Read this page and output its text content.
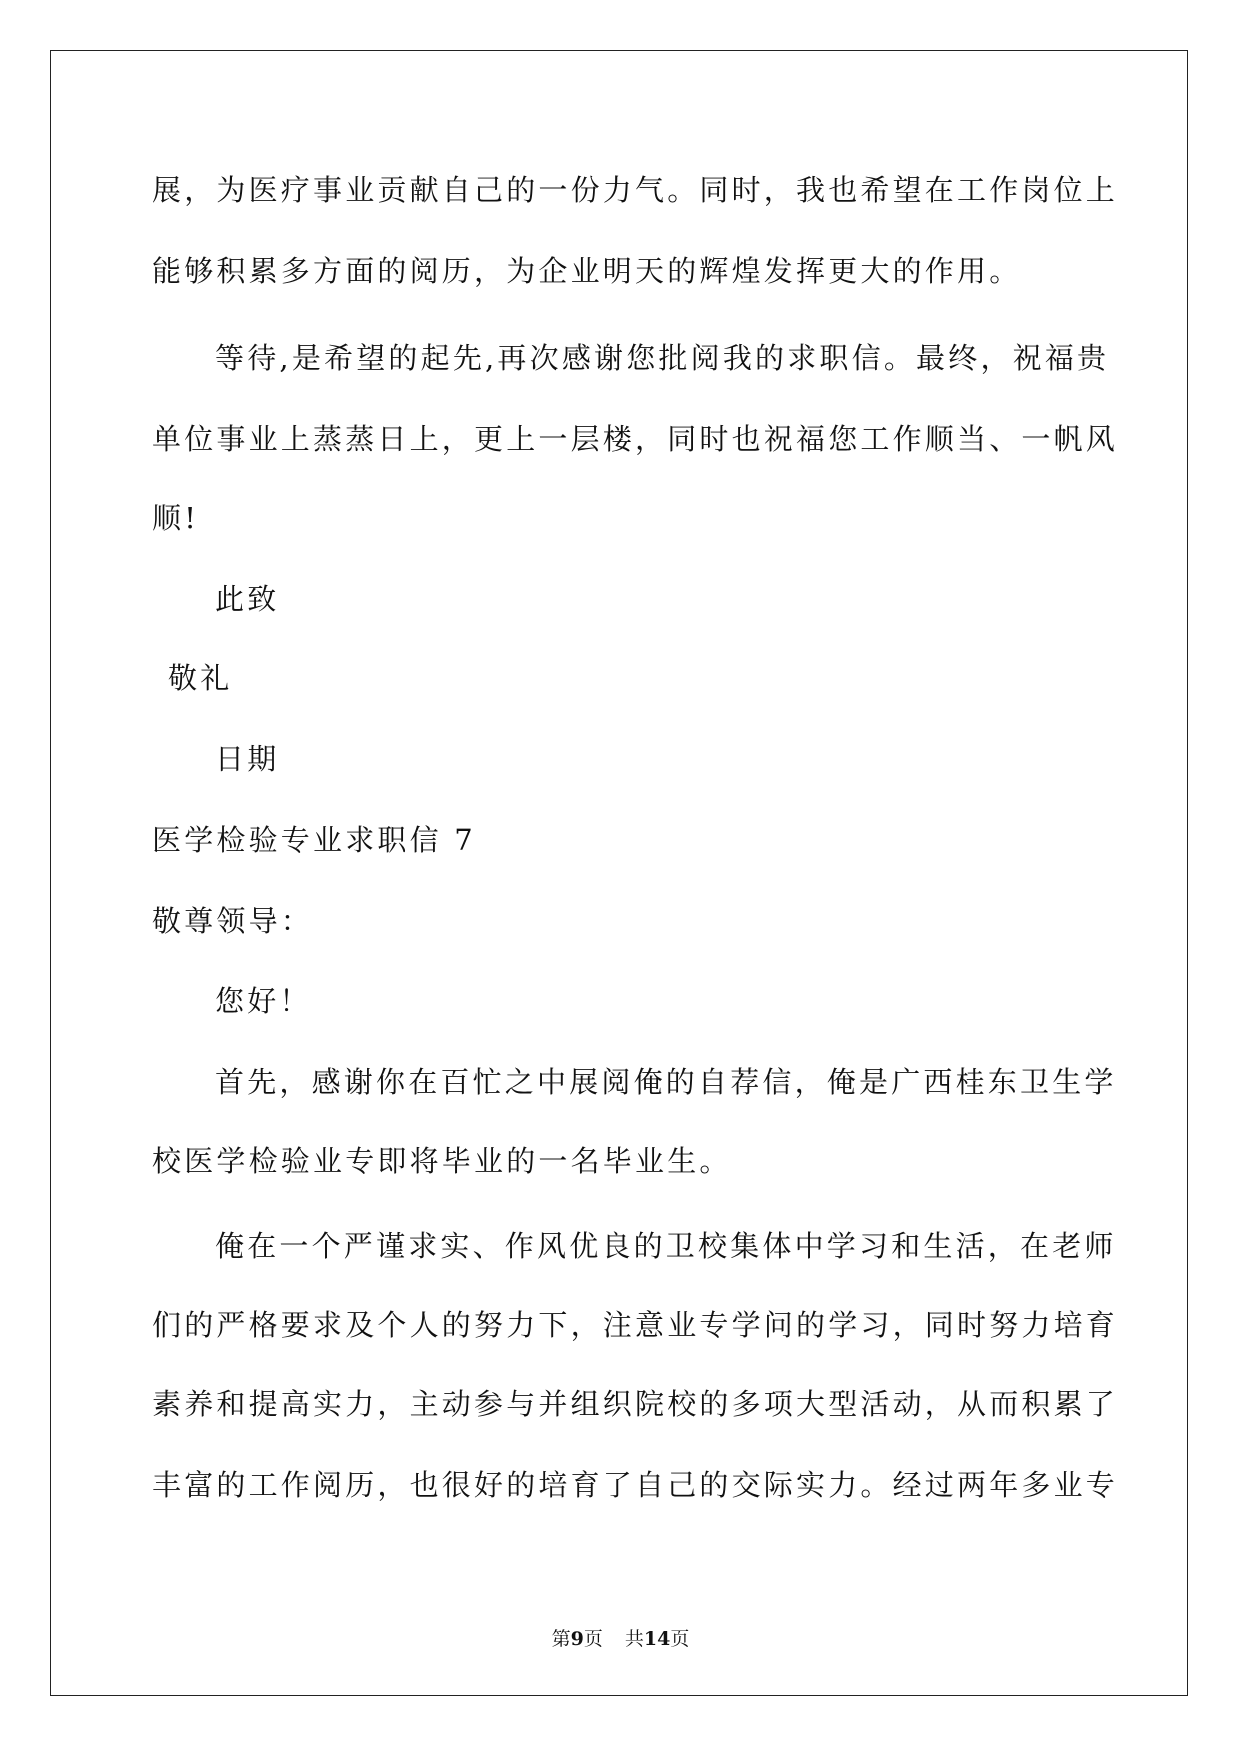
展，为医疗事业贡献自己的一份力气。同时，我也希望在工作岗位上
能够积累多方面的阅历，为企业明天的辉煌发挥更大的作用。
等待,是希望的起先,再次感谢您批阅我的求职信。最终，祝福贵
单位事业上蒸蒸日上，更上一层楼，同时也祝福您工作顺当、一帆风
顺!
此致
敬礼
日期
医学检验专业求职信 7
敬尊领导：
您好！
首先，感谢你在百忙之中展阅俺的自荐信，俺是广西桂东卫生学
校医学检验业专即将毕业的一名毕业生。
俺在一个严谨求实、作风优良的卫校集体中学习和生活，在老师
们的严格要求及个人的努力下，注意业专学问的学习，同时努力培育
素养和提高实力，主动参与并组织院校的多项大型活动，从而积累了
丰富的工作阅历，也很好的培育了自己的交际实力。经过两年多业专
第9页 共14页
